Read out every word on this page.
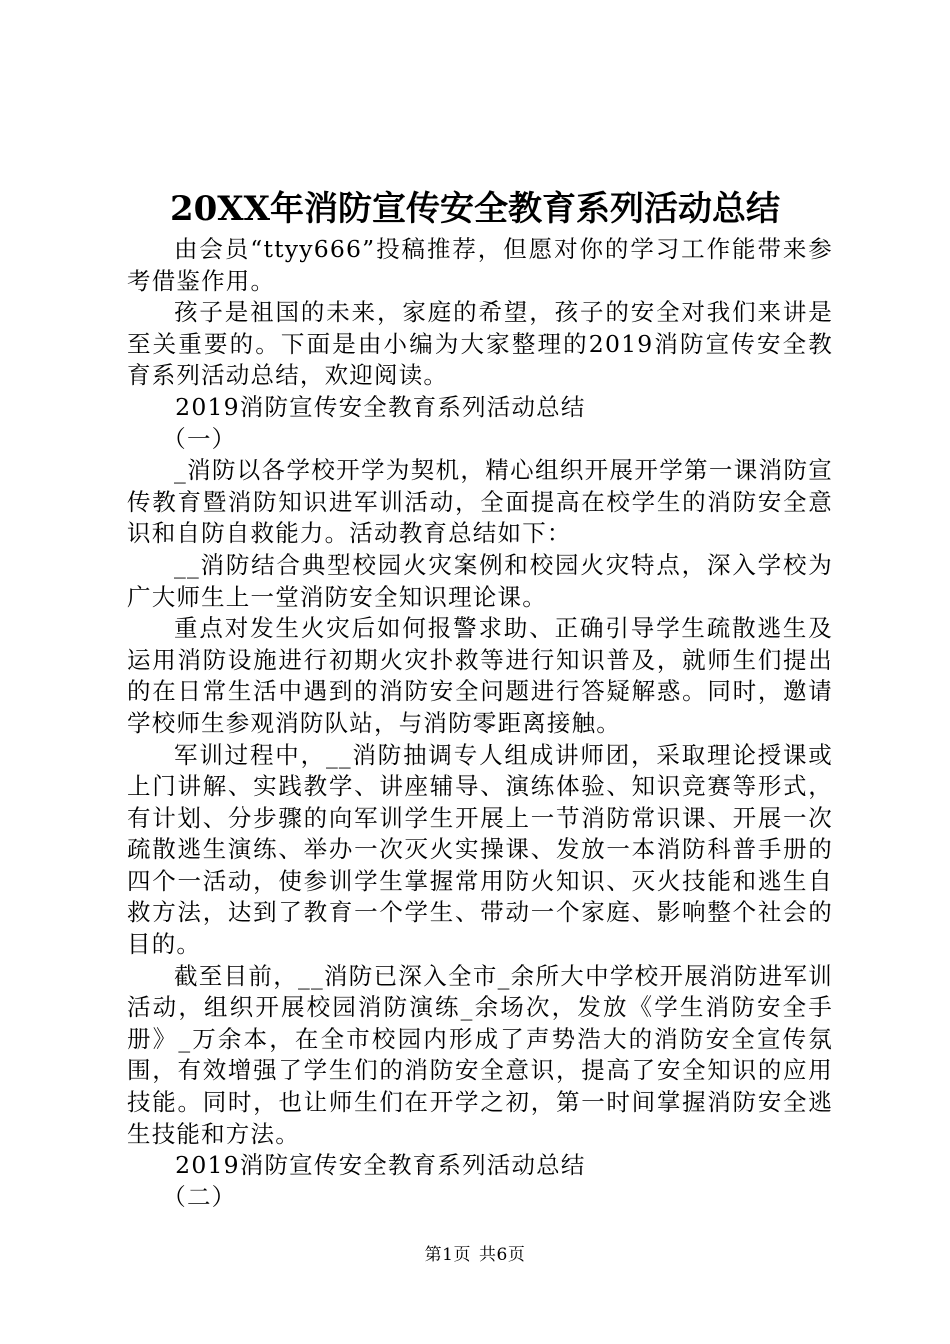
20XX年消防宣传安全教育系列活动总结

由会员“ttyy666”投稿推荐，但愿对你的学习工作能带来参考借鉴作用。

孩子是祖国的未来，家庭的希望，孩子的安全对我们来讲是至关重要的。下面是由小编为大家整理的2019消防宣传安全教育系列活动总结，欢迎阅读。

2019消防宣传安全教育系列活动总结

（一）

_消防以各学校开学为契机，精心组织开展开学第一课消防宣传教育暨消防知识进军训活动，全面提高在校学生的消防安全意识和自防自救能力。活动教育总结如下：

__消防结合典型校园火灾案例和校园火灾特点，深入学校为广大师生上一堂消防安全知识理论课。

重点对发生火灾后如何报警求助、正确引导学生疏散逃生及运用消防设施进行初期火灾扑救等进行知识普及，就师生们提出的在日常生活中遇到的消防安全问题进行答疑解惑。同时，邀请学校师生参观消防队站，与消防零距离接触。

军训过程中，__消防抽调专人组成讲师团，采取理论授课或上门讲解、实践教学、讲座辅导、演练体验、知识竞赛等形式，有计划、分步骤的向军训学生开展上一节消防常识课、开展一次疏散逃生演练、举办一次灭火实操课、发放一本消防科普手册的四个一活动，使参训学生掌握常用防火知识、灭火技能和逃生自救方法，达到了教育一个学生、带动一个家庭、影响整个社会的目的。

截至目前，__消防已深入全市_余所大中学校开展消防进军训活动，组织开展校园消防演练_余场次，发放《学生消防安全手册》_万余本，在全市校园内形成了声势浩大的消防安全宣传氛围，有效增强了学生们的消防安全意识，提高了安全知识的应用技能。同时，也让师生们在开学之初，第一时间掌握消防安全逃生技能和方法。

2019消防宣传安全教育系列活动总结

（二）

第1页 共6页
